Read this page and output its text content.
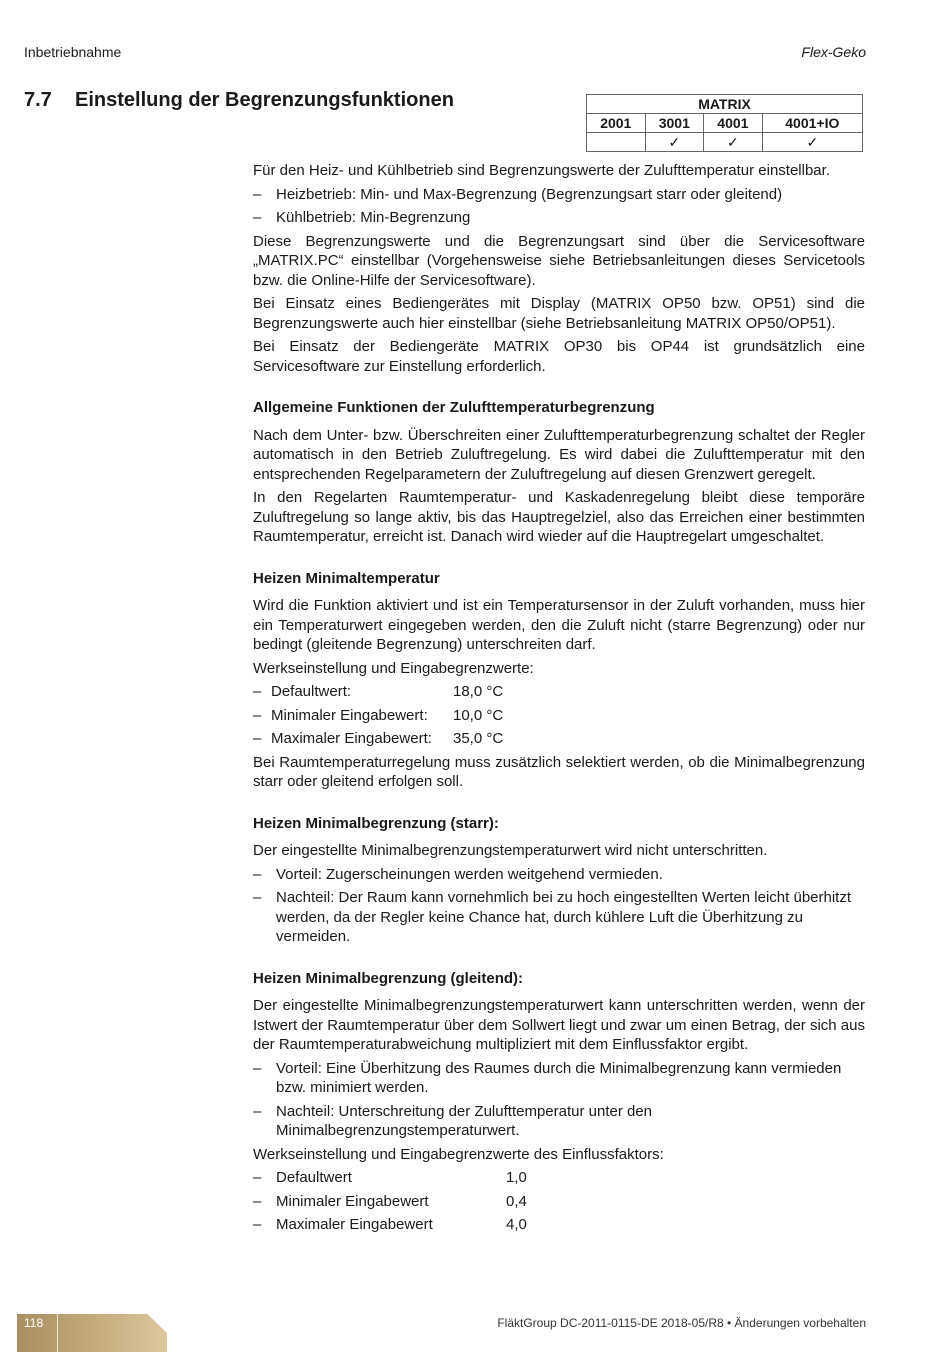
Inbetriebnahme	Flex-Geko
7.7 Einstellung der Begrenzungsfunktionen	MATRIX			
2001	3001	4001	4001+IO
	✓	✓	✓

Für den Heiz- und Kühlbetrieb sind Begrenzungswerte der Zulufttemperatur einstellbar.

– Heizbetrieb: Min- und Max-Begrenzung (Begrenzungsart starr oder gleitend)
– Kühlbetrieb: Min-Begrenzung

Diese Begrenzungswerte und die Begrenzungsart sind über die Servicesoftware „MATRIX.PC“ einstellbar (Vorgehensweise siehe Betriebsanleitungen dieses Servicetools bzw. die Online-Hilfe der Servicesoftware).

Bei Einsatz eines Bediengerätes mit Display (MATRIX OP50 bzw. OP51) sind die Begrenzungswerte auch hier einstellbar (siehe Betriebsanleitung MATRIX OP50/OP51).

Bei Einsatz der Bediengeräte MATRIX OP30 bis OP44 ist grundsätzlich eine Servicesoftware zur Einstellung erforderlich.

Allgemeine Funktionen der Zulufttemperaturbegrenzung

Nach dem Unter- bzw. Überschreiten einer Zulufttemperaturbegrenzung schaltet der Regler automatisch in den Betrieb Zuluftregelung. Es wird dabei die Zulufttemperatur mit den entsprechenden Regelparametern der Zuluftregelung auf diesen Grenzwert geregelt.

In den Regelarten Raumtemperatur- und Kaskadenregelung bleibt diese temporäre Zuluftregelung so lange aktiv, bis das Hauptregelziel, also das Erreichen einer bestimmten Raumtemperatur, erreicht ist. Danach wird wieder auf die Hauptregelart umgeschaltet.

Heizen Minimaltemperatur

Wird die Funktion aktiviert und ist ein Temperatursensor in der Zuluft vorhanden, muss hier ein Temperaturwert eingegeben werden, den die Zuluft nicht (starre Begrenzung) oder nur bedingt (gleitende Begrenzung) unterschreiten darf.

Werkseinstellung und Eingabegrenzwerte:

– Defaultwert:	18,0 °C
– Minimaler Eingabewert: 10,0 °C
– Maximaler Eingabewert: 35,0 °C

Bei Raumtemperaturregelung muss zusätzlich selektiert werden, ob die Minimalbegrenzung starr oder gleitend erfolgen soll.

Heizen Minimalbegrenzung (starr):

Der eingestellte Minimalbegrenzungstemperaturwert wird nicht unterschritten.

– Vorteil: Zugerscheinungen werden weitgehend vermieden.
– Nachteil: Der Raum kann vornehmlich bei zu hoch eingestellten Werten leicht überhitzt werden, da der Regler keine Chance hat, durch kühlere Luft die Überhitzung zu vermeiden.
Heizen Minimalbegrenzung (gleitend):

Der eingestellte Minimalbegrenzungstemperaturwert kann unterschritten werden, wenn der Istwert der Raumtemperatur über dem Sollwert liegt und zwar um einen Betrag, der sich aus der Raumtemperaturabweichung multipliziert mit dem Einflussfaktor ergibt.

– Vorteil: Eine Überhitzung des Raumes durch die Minimalbegrenzung kann vermieden bzw. minimiert werden.
– Nachteil: Unterschreitung der Zulufttemperatur unter den Minimalbegrenzungstemperaturwert.

Werkseinstellung und Eingabegrenzwerte des Einflussfaktors:

– Defaultwert	1,0
– Minimaler Eingabewert	0,4
– Maximaler Eingabewert	4,0
118	FläktGroup DC-2011-0115-DE 2018-05/R8 • Änderungen vorbehalten
